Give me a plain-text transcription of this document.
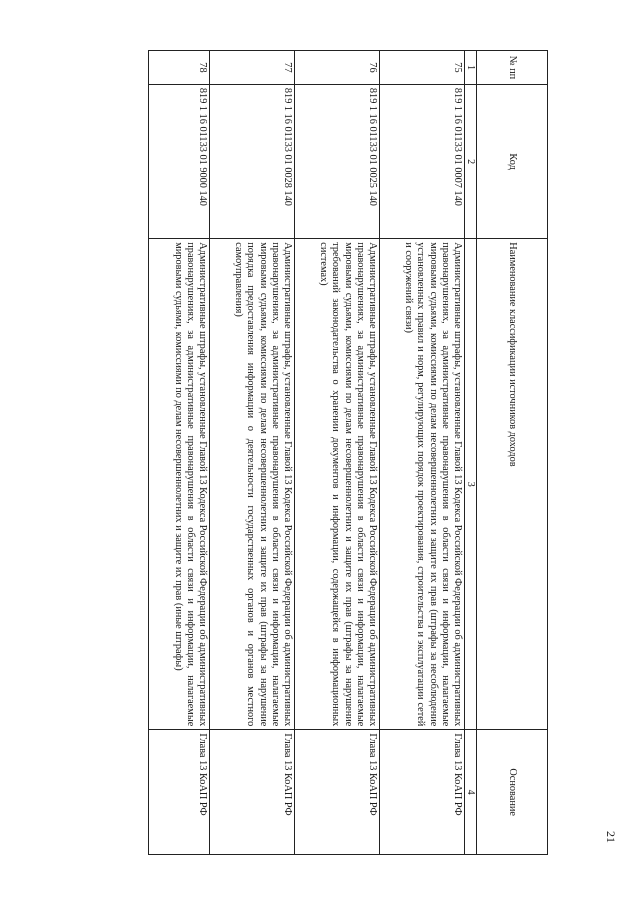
21
№ пп	Код	Наименование классификации источников доходов	Основание
1	2	3	4
75	819 1 16 01133 01 0007 140	Административные штрафы, установленные Главой 13 Кодекса Российской Федерации об административных правонарушениях, за административные правонарушения в области связи и информации, налагаемые мировыми судьями, комиссиями по делам несовершеннолетних и защите их прав (штрафы за несоблюдение установленных правил и норм, регулирующих порядок проектирования, строительства и эксплуатации сетей и сооружений связи)	Глава 13 КоАП РФ
76	819 1 16 01133 01 0025 140	Административные штрафы, установленные Главой 13 Кодекса Российской Федерации об административных правонарушениях, за административные правонарушения в области связи и информации, налагаемые мировыми судьями, комиссиями по делам несовершеннолетних и защите их прав (штрафы за нарушение требований законодательства о хранении документов и информации, содержащейся в информационных системах)	Глава 13 КоАП РФ
77	819 1 16 01133 01 0028 140	Административные штрафы, установленные Главой 13 Кодекса Российской Федерации об административных правонарушениях, за административные правонарушения в области связи и информации, налагаемые мировыми судьями, комиссиями по делам несовершеннолетних и защите их прав (штрафы за нарушение порядка предоставления информации о деятельности государственных органов и органов местного самоуправления)	Глава 13 КоАП РФ
78	819 1 16 01133 01 9000 140	Административные штрафы, установленные Главой 13 Кодекса Российской Федерации об административных правонарушениях, за административные правонарушения в области связи и информации, налагаемые мировыми судьями, комиссиями по делам несовершеннолетних и защите их прав (иные штрафы)	Глава 13 КоАП РФ
